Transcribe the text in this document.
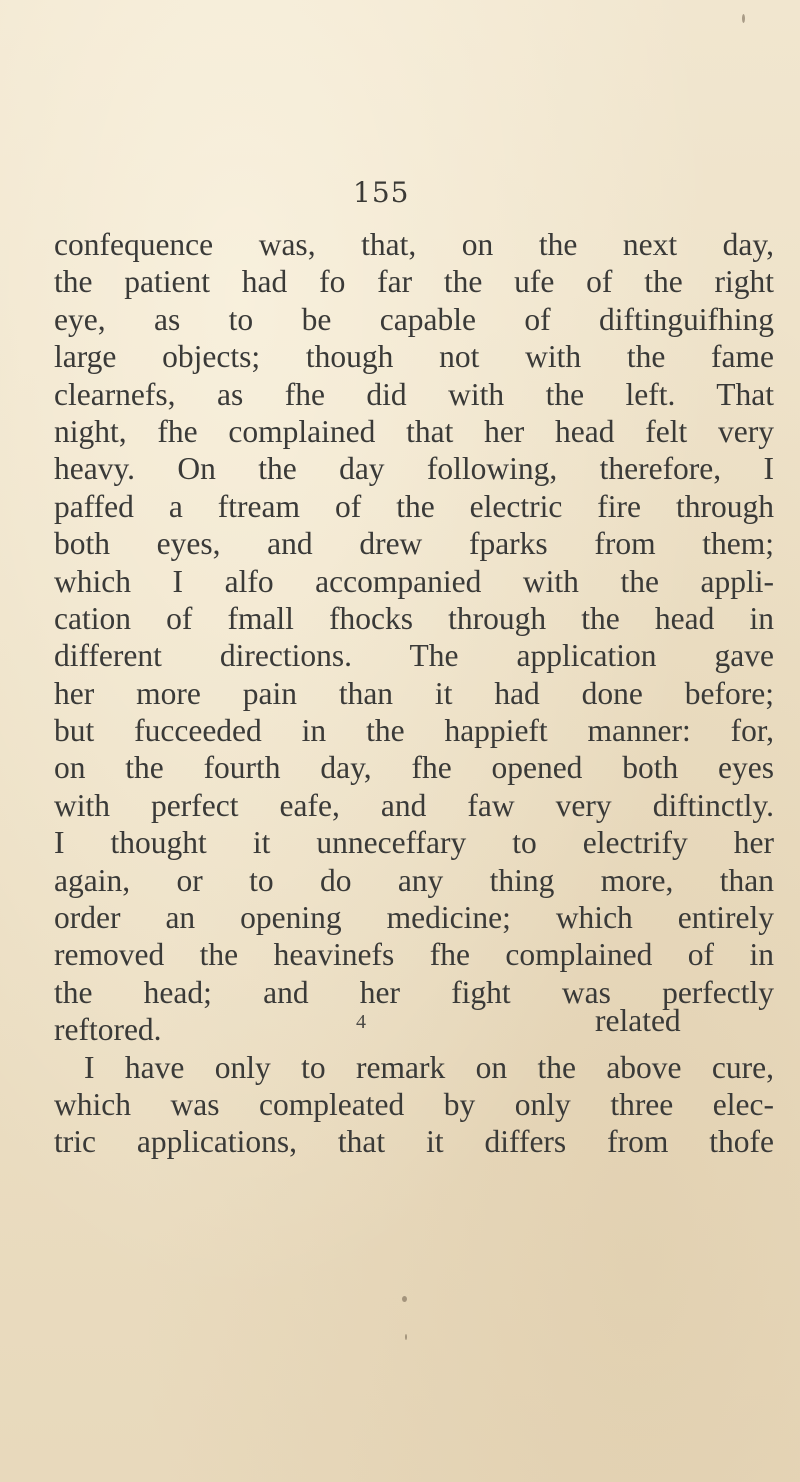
155
confequence was, that, on the next day,
the patient had fo far the ufe of the right
eye, as to be capable of diftinguifhing
large objects; though not with the fame
clearnefs, as fhe did with the left. That
night, fhe complained that her head felt very
heavy. On the day following, therefore, I
paffed a ftream of the electric fire through
both eyes, and drew fparks from them;
which I alfo accompanied with the appli-
cation of fmall fhocks through the head in
different directions. The application gave
her more pain than it had done before;
but fucceeded in the happieft manner: for,
on the fourth day, fhe opened both eyes
with perfect eafe, and faw very diftinctly.
I thought it unneceffary to electrify her
again, or to do any thing more, than
order an opening medicine; which entirely
removed the heavinefs fhe complained of in
the head; and her fight was perfectly
reftored.
I have only to remark on the above cure,
which was compleated by only three elec-
tric applications, that it differs from thofe
4	related
